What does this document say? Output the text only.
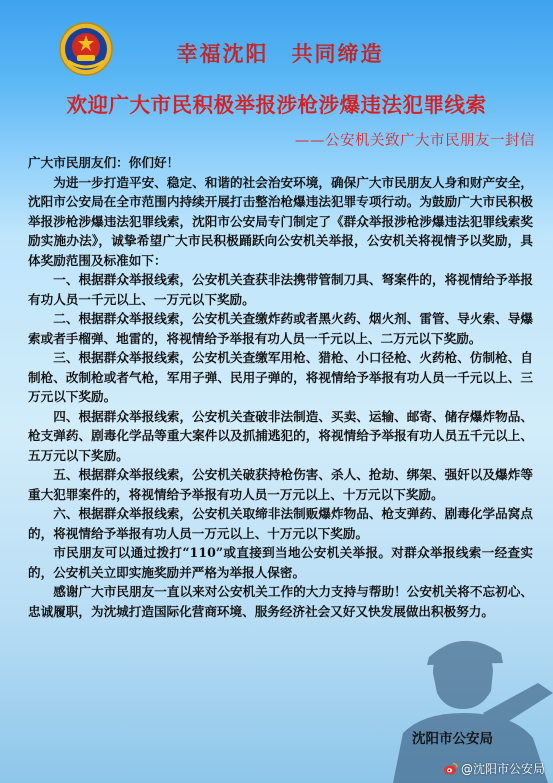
幸福沈阳　共同缔造
欢迎广大市民积极举报涉枪涉爆违法犯罪线索
——公安机关致广大市民朋友一封信

广大市民朋友们：你们好！

为进一步打造平安、稳定、和谐的社会治安环境，确保广大市民朋友人身和财产安全，沈阳市公安局在全市范围内持续开展打击整治枪爆违法犯罪专项行动。为鼓励广大市民积极举报涉枪涉爆违法犯罪线索，沈阳市公安局专门制定了《群众举报涉枪涉爆违法犯罪线索奖励实施办法》，诚挚希望广大市民积极踊跃向公安机关举报，公安机关将视情予以奖励，具体奖励范围及标准如下：

一、根据群众举报线索，公安机关查获非法携带管制刀具、弩案件的，将视情给予举报有功人员一千元以上、一万元以下奖励。

二、根据群众举报线索，公安机关查缴炸药或者黑火药、烟火剂、雷管、导火索、导爆索或者手榴弹、地雷的，将视情给予举报有功人员一千元以上、二万元以下奖励。

三、根据群众举报线索，公安机关查缴军用枪、猎枪、小口径枪、火药枪、仿制枪、自制枪、改制枪或者气枪，军用子弹、民用子弹的，将视情给予举报有功人员一千元以上、三万元以下奖励。

四、根据群众举报线索，公安机关查破非法制造、买卖、运输、邮寄、储存爆炸物品、枪支弹药、剧毒化学品等重大案件以及抓捕逃犯的，将视情给予举报有功人员五千元以上、五万元以下奖励。

五、根据群众举报线索，公安机关破获持枪伤害、杀人、抢劫、绑架、强奸以及爆炸等重大犯罪案件的，将视情给予举报有功人员一万元以上、十万元以下奖励。

六、根据群众举报线索，公安机关取缔非法制贩爆炸物品、枪支弹药、剧毒化学品窝点的，将视情给予举报有功人员一万元以上、十万元以下奖励。

市民朋友可以通过拨打“110”或直接到当地公安机关举报。对群众举报线索一经查实的，公安机关立即实施奖励并严格为举报人保密。

感谢广大市民朋友一直以来对公安机关工作的大力支持与帮助！公安机关将不忘初心、忠诚履职，为沈城打造国际化营商环境、服务经济社会又好又快发展做出积极努力。

沈阳市公安局
@沈阳市公安局
